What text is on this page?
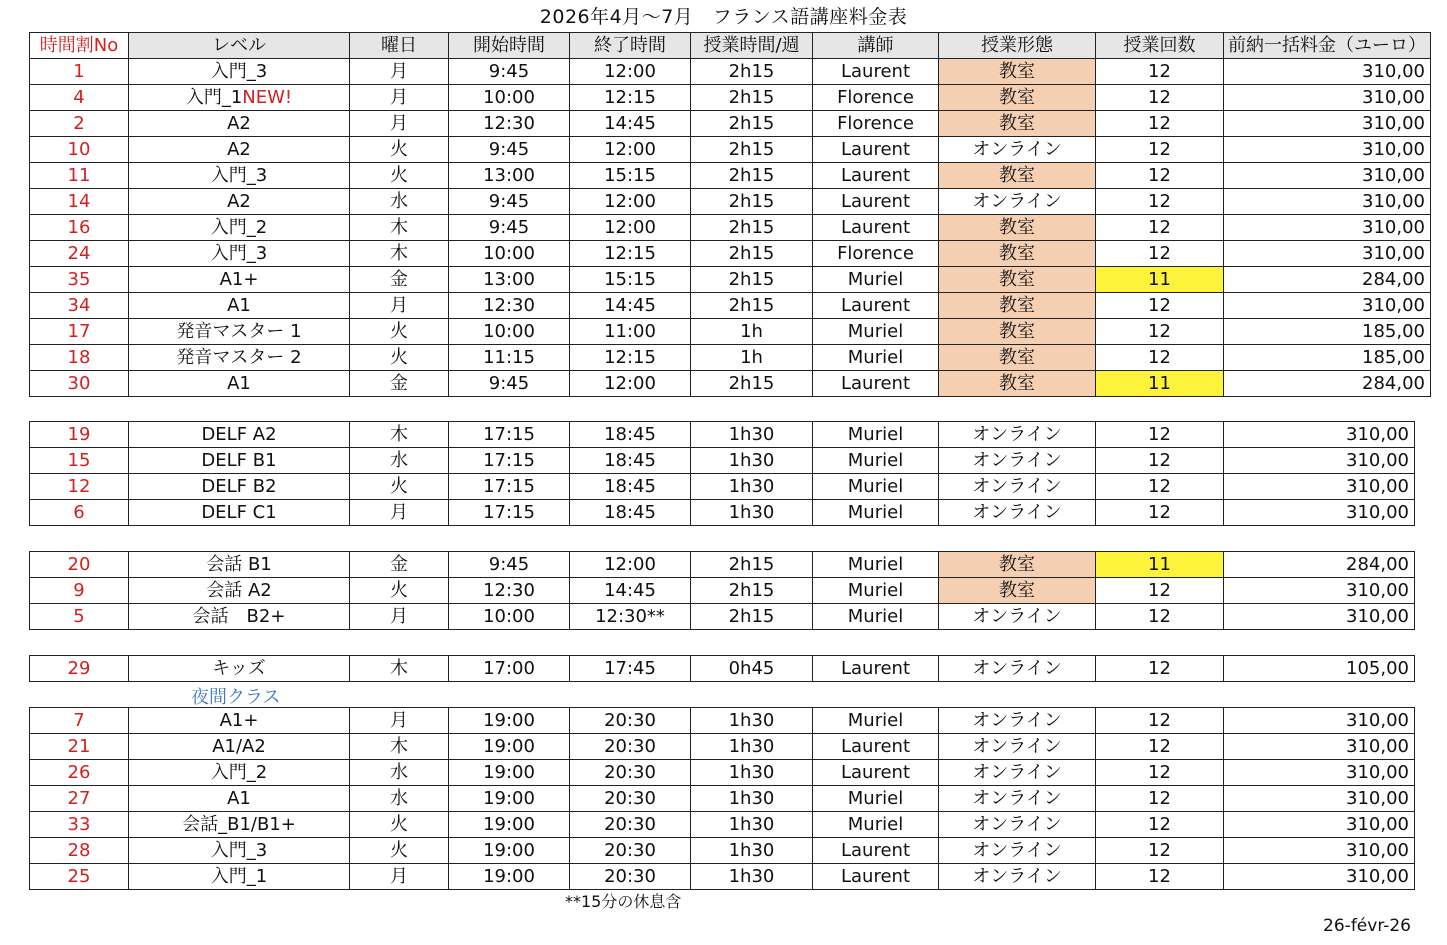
2026年4月〜7月　フランス語講座料金表
時間割No	レベル	曜日	開始時間	終了時間	授業時間/週	講師	授業形態	授業回数	前納一括料金（ユーロ）
1	入門_3	月	9:45	12:00	2h15	Laurent	教室	12	310,00
4	入門_1NEW!	月	10:00	12:15	2h15	Florence	教室	12	310,00
2	A2	月	12:30	14:45	2h15	Florence	教室	12	310,00
10	A2	火	9:45	12:00	2h15	Laurent	オンライン	12	310,00
11	入門_3	火	13:00	15:15	2h15	Laurent	教室	12	310,00
14	A2	水	9:45	12:00	2h15	Laurent	オンライン	12	310,00
16	入門_2	木	9:45	12:00	2h15	Laurent	教室	12	310,00
24	入門_3	木	10:00	12:15	2h15	Florence	教室	12	310,00
35	A1+	金	13:00	15:15	2h15	Muriel	教室	11	284,00
34	A1	月	12:30	14:45	2h15	Laurent	教室	12	310,00
17	発音マスター 1	火	10:00	11:00	1h	Muriel	教室	12	185,00
18	発音マスター 2	火	11:15	12:15	1h	Muriel	教室	12	185,00
30	A1	金	9:45	12:00	2h15	Laurent	教室	11	284,00
19	DELF A2	木	17:15	18:45	1h30	Muriel	オンライン	12	310,00
15	DELF B1	水	17:15	18:45	1h30	Muriel	オンライン	12	310,00
12	DELF B2	火	17:15	18:45	1h30	Muriel	オンライン	12	310,00
6	DELF C1	月	17:15	18:45	1h30	Muriel	オンライン	12	310,00
20	会話 B1	金	9:45	12:00	2h15	Muriel	教室	11	284,00
9	会話 A2	火	12:30	14:45	2h15	Muriel	教室	12	310,00
5	会話　B2+	月	10:00	12:30**	2h15	Muriel	オンライン	12	310,00
29	キッズ	木	17:00	17:45	0h45	Laurent	オンライン	12	105,00
夜間クラス
7	A1+	月	19:00	20:30	1h30	Muriel	オンライン	12	310,00
21	A1/A2	木	19:00	20:30	1h30	Laurent	オンライン	12	310,00
26	入門_2	水	19:00	20:30	1h30	Laurent	オンライン	12	310,00
27	A1	水	19:00	20:30	1h30	Muriel	オンライン	12	310,00
33	会話_B1/B1+	火	19:00	20:30	1h30	Muriel	オンライン	12	310,00
28	入門_3	火	19:00	20:30	1h30	Laurent	オンライン	12	310,00
25	入門_1	月	19:00	20:30	1h30	Laurent	オンライン	12	310,00
**15分の休息含
26-févr-26
